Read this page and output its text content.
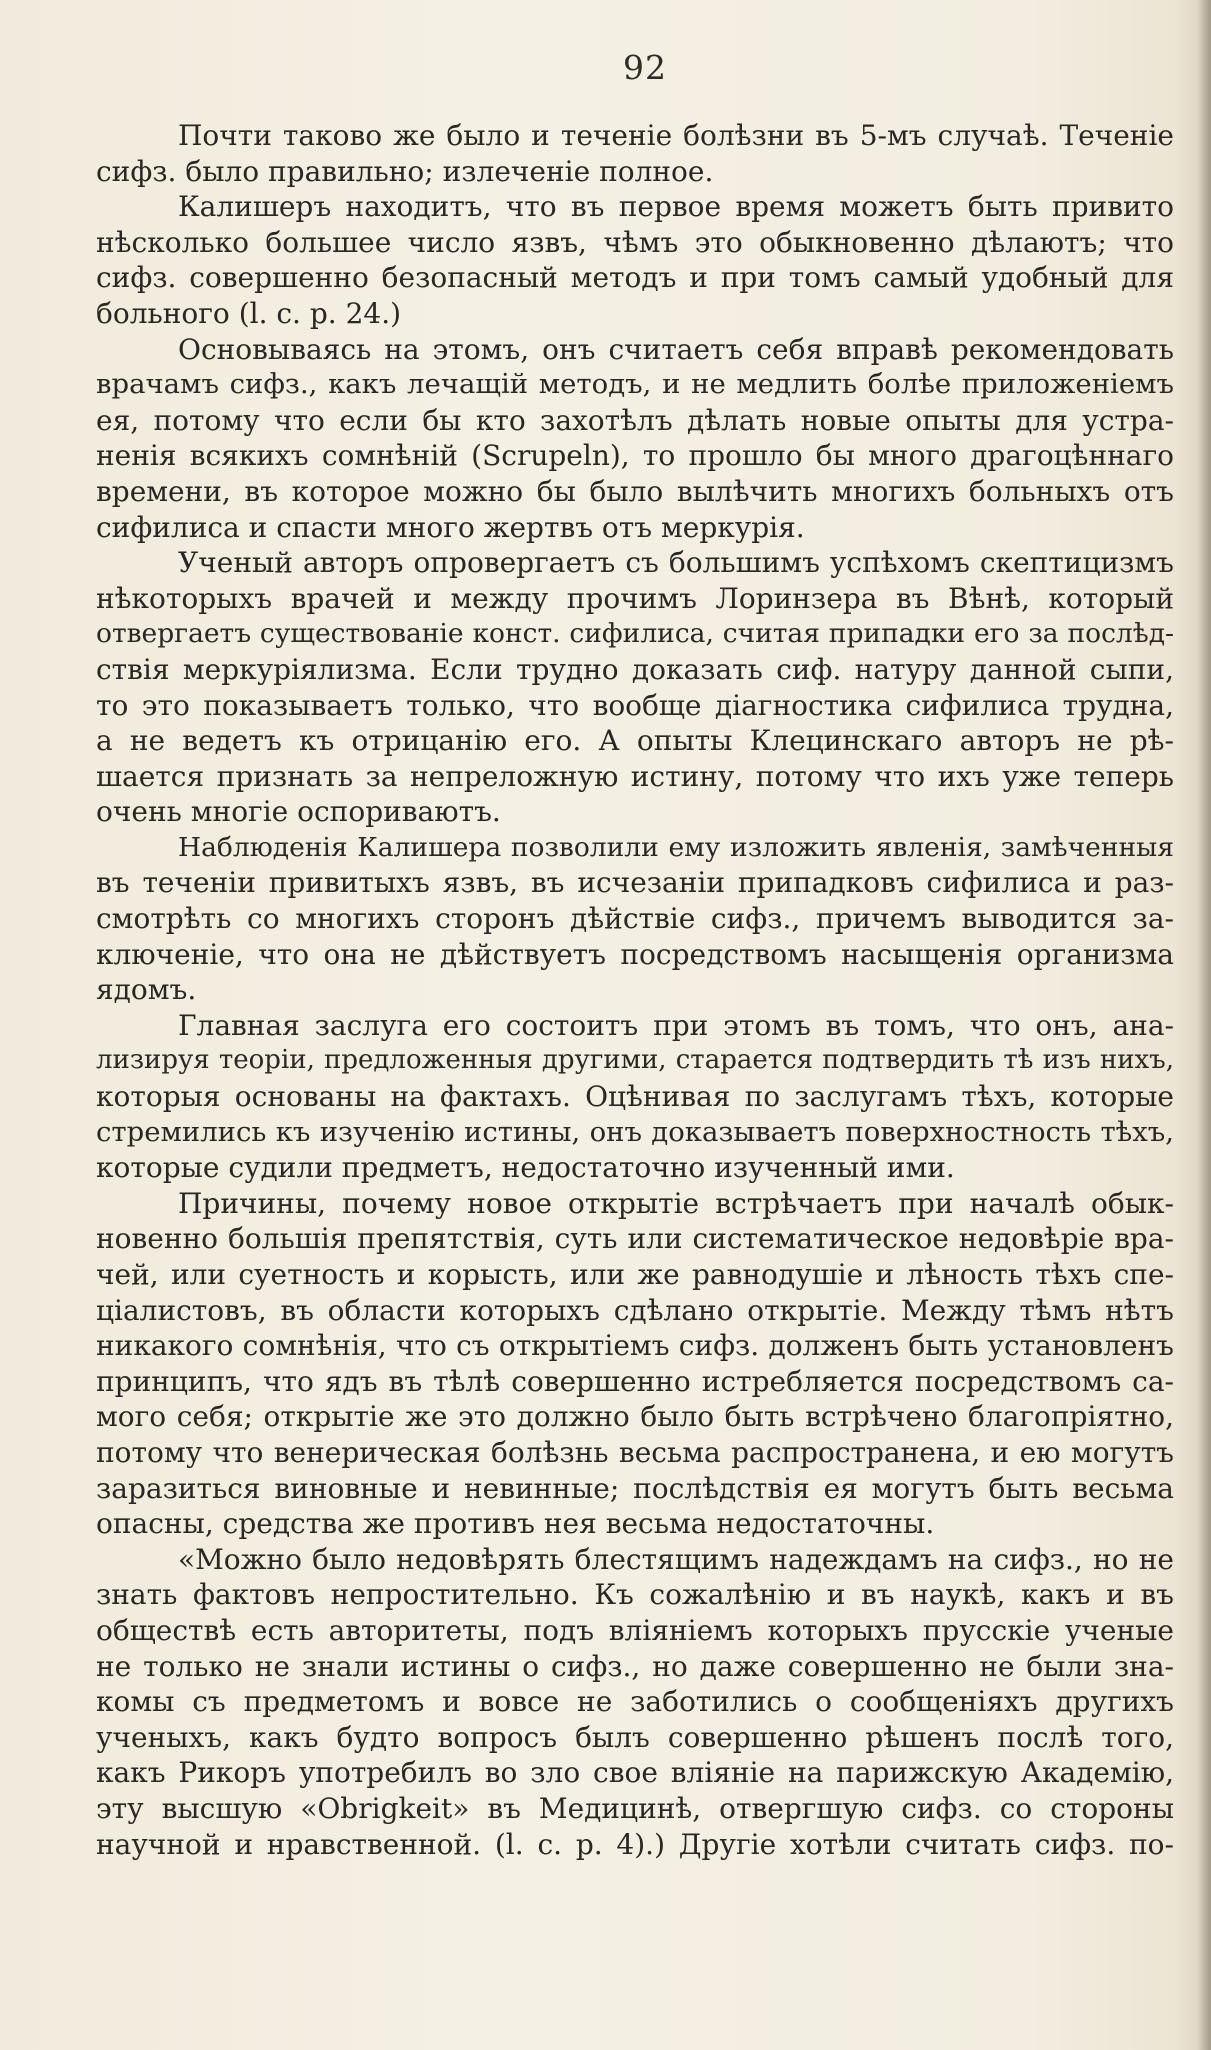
92
Почти таково же было и теченіе болѣзни въ 5-мъ случаѣ. Теченіе
сифз. было правильно; излеченіе полное.
Калишеръ находитъ, что въ первое время можетъ быть привито
нѣсколько большее число язвъ, чѣмъ это обыкновенно дѣлаютъ; что
сифз. совершенно безопасный методъ и при томъ самый удобный для
больного (l. c. p. 24.)
Основываясь на этомъ, онъ считаетъ себя вправѣ рекомендовать
врачамъ сифз., какъ лечащій методъ, и не медлить болѣе приложеніемъ
ея, потому что если бы кто захотѣлъ дѣлать новые опыты для устра-
ненія всякихъ сомнѣній (Scrupeln), то прошло бы много драгоцѣннаго
времени, въ которое можно бы было вылѣчить многихъ больныхъ отъ
сифилиса и спасти много жертвъ отъ меркурія.
Ученый авторъ опровергаетъ съ большимъ успѣхомъ скептицизмъ
нѣкоторыхъ врачей и между прочимъ Лоринзера въ Вѣнѣ, который
отвергаетъ существованіе конст. сифилиса, считая припадки его за послѣд-
ствія меркуріялизма. Если трудно доказать сиф. натуру данной сыпи,
то это показываетъ только, что вообще діагностика сифилиса трудна,
а не ведетъ къ отрицанію его. А опыты Клецинскаго авторъ не рѣ-
шается признать за непреложную истину, потому что ихъ уже теперь
очень многіе оспориваютъ.
Наблюденія Калишера позволили ему изложить явленія, замѣченныя
въ теченіи привитыхъ язвъ, въ исчезаніи припадковъ сифилиса и раз-
смотрѣть со многихъ сторонъ дѣйствіе сифз., причемъ выводится за-
ключеніе, что она не дѣйствуетъ посредствомъ насыщенія организма
ядомъ.
Главная заслуга его состоитъ при этомъ въ томъ, что онъ, ана-
лизируя теоріи, предложенныя другими, старается подтвердить тѣ изъ нихъ,
которыя основаны на фактахъ. Оцѣнивая по заслугамъ тѣхъ, которые
стремились къ изученію истины, онъ доказываетъ поверхностность тѣхъ,
которые судили предметъ, недостаточно изученный ими.
Причины, почему новое открытіе встрѣчаетъ при началѣ обык-
новенно большія препятствія, суть или систематическое недовѣріе вра-
чей, или суетность и корысть, или же равнодушіе и лѣность тѣхъ спе-
ціалистовъ, въ области которыхъ сдѣлано открытіе. Между тѣмъ нѣтъ
никакого сомнѣнія, что съ открытіемъ сифз. долженъ быть установленъ
принципъ, что ядъ въ тѣлѣ совершенно истребляется посредствомъ са-
мого себя; открытіе же это должно было быть встрѣчено благопріятно,
потому что венерическая болѣзнь весьма распространена, и ею могутъ
заразиться виновные и невинные; послѣдствія ея могутъ быть весьма
опасны, средства же противъ нея весьма недостаточны.
«Можно было недовѣрять блестящимъ надеждамъ на сифз., но не
знать фактовъ непростительно. Къ сожалѣнію и въ наукѣ, какъ и въ
обществѣ есть авторитеты, подъ вліяніемъ которыхъ прусскіе ученые
не только не знали истины о сифз., но даже совершенно не были зна-
комы съ предметомъ и вовсе не заботились о сообщеніяхъ другихъ
ученыхъ, какъ будто вопросъ былъ совершенно рѣшенъ послѣ того,
какъ Рикоръ употребилъ во зло свое вліяніе на парижскую Академію,
эту высшую «Obrigkeit» въ Медицинѣ, отвергшую сифз. со стороны
научной и нравственной. (l. c. p. 4).) Другіе хотѣли считать сифз. по-
